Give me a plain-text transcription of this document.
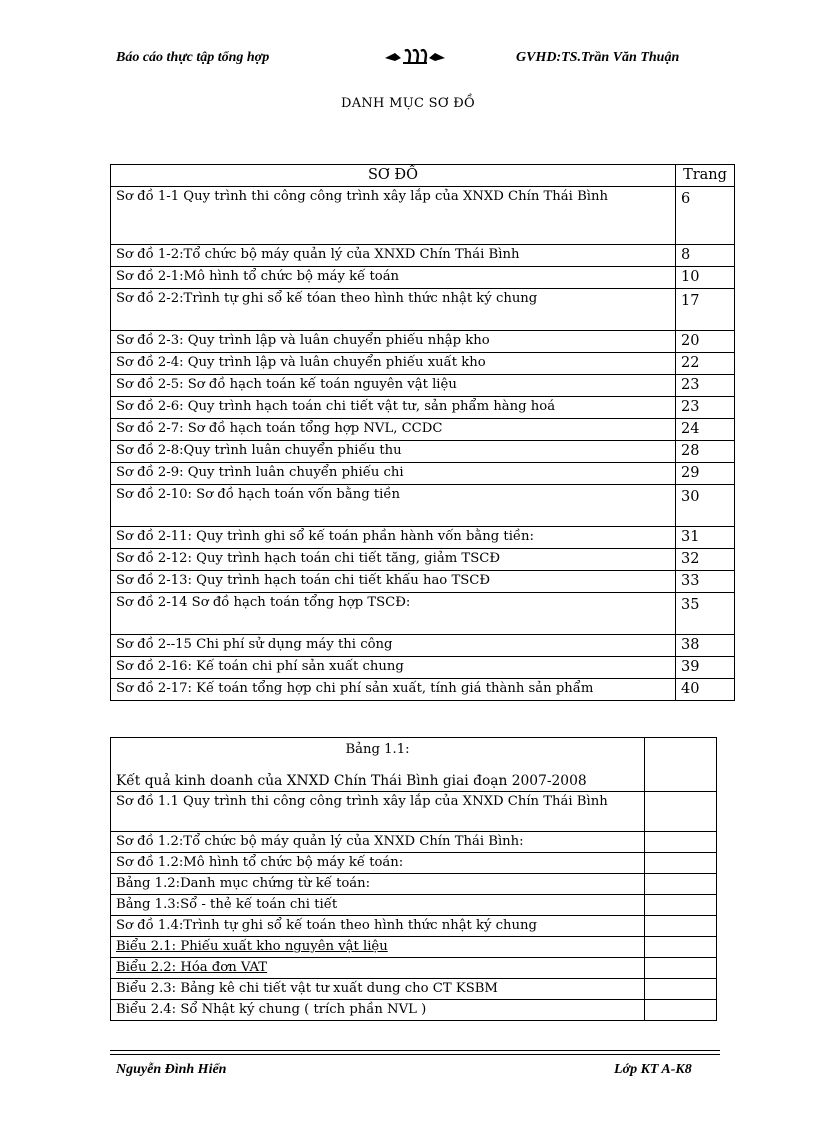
Báo cáo thực tập tổng hợp	GVHD:TS.Trần Văn Thuận
DANH MỤC SƠ ĐỒ
SƠ ĐỒ	Trang
Sơ đồ 1-1 Quy trình thi công công trình xây lắp của XNXD Chín Thái Bình	6
Sơ đồ 1-2:Tổ chức bộ máy quản lý của XNXD Chín Thái Bình	8
Sơ đồ 2-1:Mô hình tổ chức bộ máy kế toán	10
Sơ đồ 2-2:Trình tự ghi sổ kế tóan theo hình thức nhật ký chung	17
Sơ đồ 2-3: Quy trình lập và luân chuyển phiếu nhập kho	20
Sơ đồ 2-4: Quy trình lập và luân chuyển phiếu xuất kho	22
Sơ đồ 2-5: Sơ đồ hạch toán kế toán nguyên vật liệu	23
Sơ đồ 2-6: Quy trình hạch toán chi tiết vật tư, sản phẩm hàng hoá	23
Sơ đồ 2-7: Sơ đồ hạch toán tổng hợp NVL, CCDC	24
Sơ đồ 2-8:Quy trình luân chuyển phiếu thu	28
Sơ đồ 2-9: Quy trình luân chuyển phiếu chi	29
Sơ đồ 2-10: Sơ đồ hạch toán vốn bằng tiền	30
Sơ đồ 2-11: Quy trình ghi sổ kế toán phần hành vốn bằng tiền:	31
Sơ đồ 2-12: Quy trình hạch toán chi tiết tăng, giảm TSCĐ	32
Sơ đồ 2-13: Quy trình hạch toán chi tiết khấu hao TSCĐ	33
Sơ đồ 2-14 Sơ đồ hạch toán tổng hợp TSCĐ:	35
Sơ đồ 2--15 Chi phí sử dụng máy thi công	38
Sơ đồ 2-16: Kế toán chi phí sản xuất chung	39
Sơ đồ 2-17: Kế toán tổng hợp chi phí sản xuất, tính giá thành sản phẩm	40
Bảng 1.1:
Kết quả kinh doanh của XNXD Chín Thái Bình giai đoạn 2007-2008	

Sơ đồ 1.1 Quy trình thi công công trình xây lắp của XNXD Chín Thái Bình	
Sơ đồ 1.2:Tổ chức bộ máy quản lý của XNXD Chín Thái Bình:	
Sơ đồ 1.2:Mô hình tổ chức bộ máy kế toán:	
Bảng 1.2:Danh mục chứng từ kế toán:	
Bảng 1.3:Sổ - thẻ kế toán chi tiết	
Sơ đồ 1.4:Trình tự ghi sổ kế toán theo hình thức nhật ký chung	
Biểu 2.1: Phiếu xuất kho nguyên vật liệu	
Biểu 2.2: Hóa đơn VAT	
Biểu 2.3: Bảng kê chi tiết vật tư xuất dung cho CT KSBM	
Biểu 2.4: Sổ Nhật ký chung ( trích phần NVL )	
Nguyễn Đình Hiển	Lớp KT A-K8
